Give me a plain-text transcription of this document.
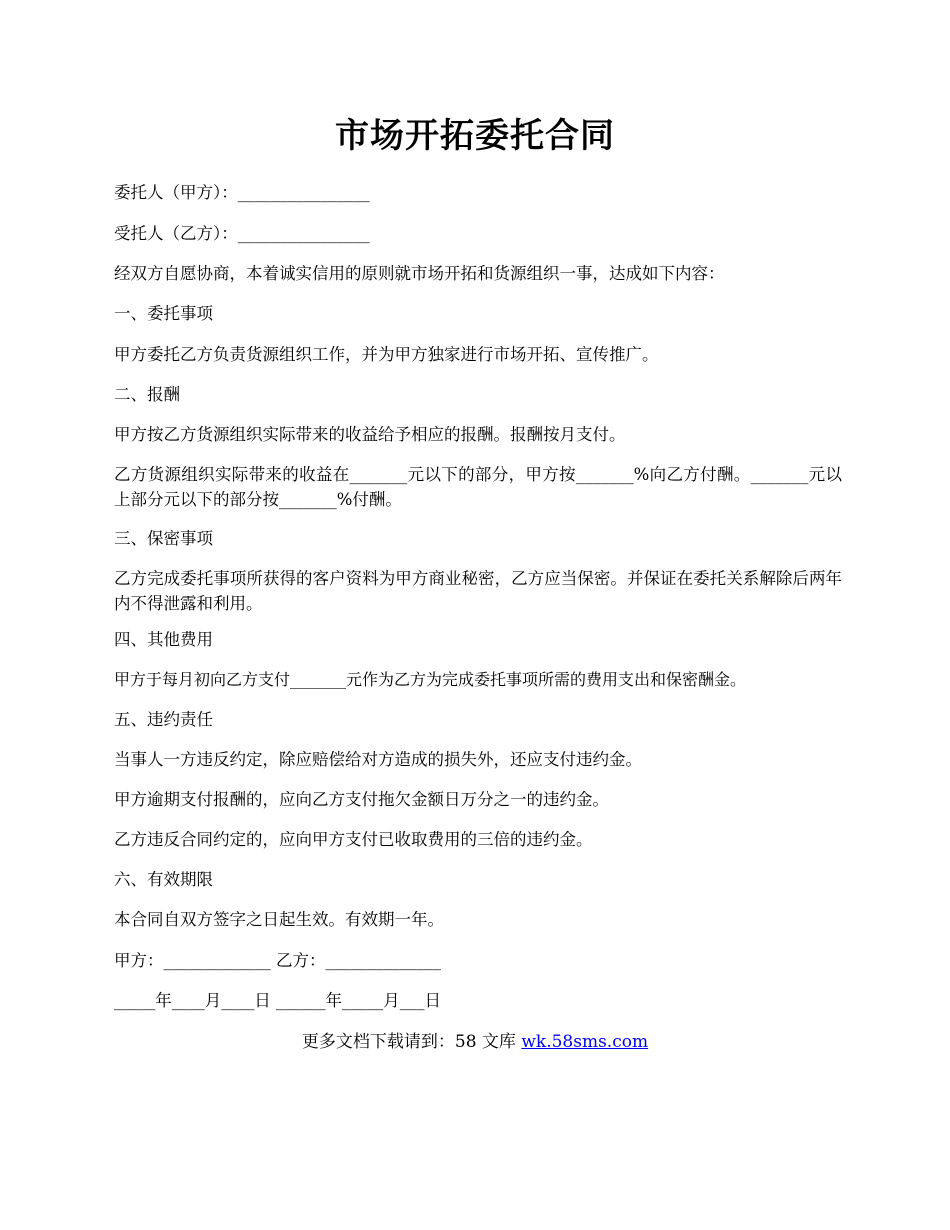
市场开拓委托合同
委托人（甲方）：________________
受托人（乙方）：________________
经双方自愿协商，本着诚实信用的原则就市场开拓和货源组织一事，达成如下内容：
一、委托事项
甲方委托乙方负责货源组织工作，并为甲方独家进行市场开拓、宣传推广。
二、报酬
甲方按乙方货源组织实际带来的收益给予相应的报酬。报酬按月支付。
乙方货源组织实际带来的收益在_______元以下的部分，甲方按_______%向乙方付酬。_______元以上部分元以下的部分按_______%付酬。
三、保密事项
乙方完成委托事项所获得的客户资料为甲方商业秘密，乙方应当保密。并保证在委托关系解除后两年内不得泄露和利用。
四、其他费用
甲方于每月初向乙方支付_______元作为乙方为完成委托事项所需的费用支出和保密酬金。
五、违约责任
当事人一方违反约定，除应赔偿给对方造成的损失外，还应支付违约金。
甲方逾期支付报酬的，应向乙方支付拖欠金额日万分之一的违约金。
乙方违反合同约定的，应向甲方支付已收取费用的三倍的违约金。
六、有效期限
本合同自双方签字之日起生效。有效期一年。
甲方：_____________ 乙方：______________
_____年____月____日 ______年_____月___日
更多文档下载请到：58 文库 wk.58sms.com
